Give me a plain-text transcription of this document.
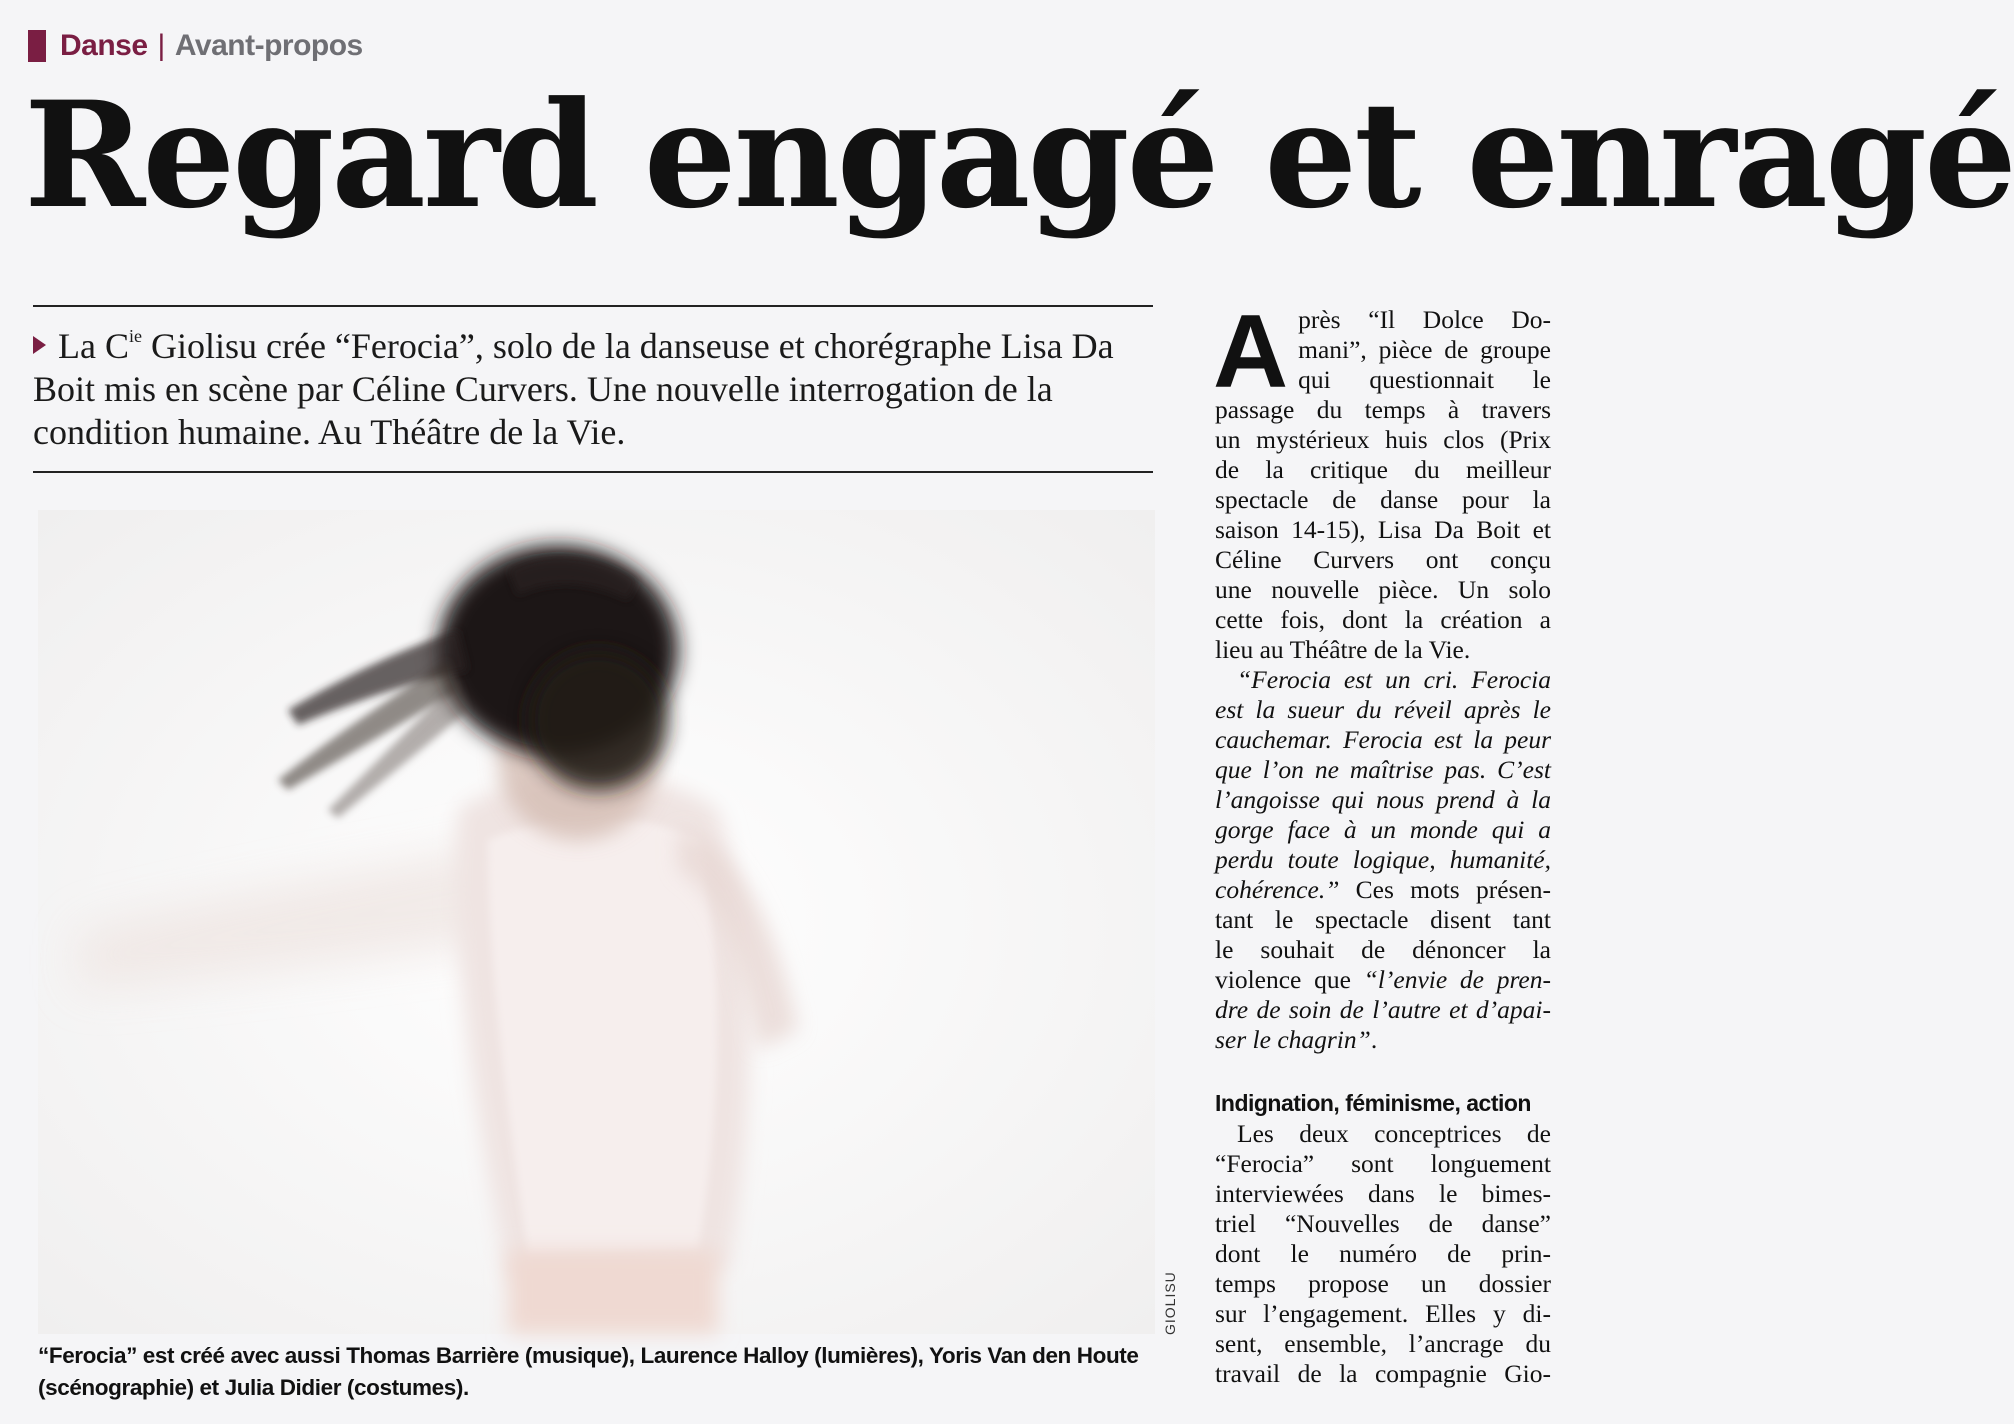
Danse | Avant-propos
Regard engagé et enragé

La $C^{ie}$ Giolisu crée “Ferocia”, solo de la danseuse et chorégraphe Lisa Da Boit mis en scène par Céline Curvers. Une nouvelle interrogation de la condition humaine. Au Théâtre de la Vie.

GIOLISU

“Ferocia” est créé avec aussi Thomas Barrière (musique), Laurence Halloy (lumières), Yoris Van den Houte (scénographie) et Julia Didier (costumes).

A près “Il Dolce Do-
mani”, pièce de groupe
qui questionnait le
passage du temps à travers
un mystérieux huis clos (Prix
de la critique du meilleur
spectacle de danse pour la
saison 14-15), Lisa Da Boit et
Céline Curvers ont conçu
une nouvelle pièce. Un solo
cette fois, dont la création a
lieu au Théâtre de la Vie.
“Ferocia est un cri. Ferocia
est la sueur du réveil après le
cauchemar. Ferocia est la peur
que l’on ne maîtrise pas. C’est
l’angoisse qui nous prend à la
gorge face à un monde qui a
perdu toute logique, humanité,
cohérence.” Ces mots présen-
tant le spectacle disent tant
le souhait de dénoncer la
violence que “l’envie de pren-
dre de soin de l’autre et d’apai-
ser le chagrin”.
Indignation, féminisme, action
Les deux conceptrices de
“Ferocia” sont longuement
interviewées dans le bimes-
triel “Nouvelles de danse”
dont le numéro de prin-
temps propose un dossier
sur l’engagement. Elles y di-
sent, ensemble, l’ancrage du
travail de la compagnie Gio-
